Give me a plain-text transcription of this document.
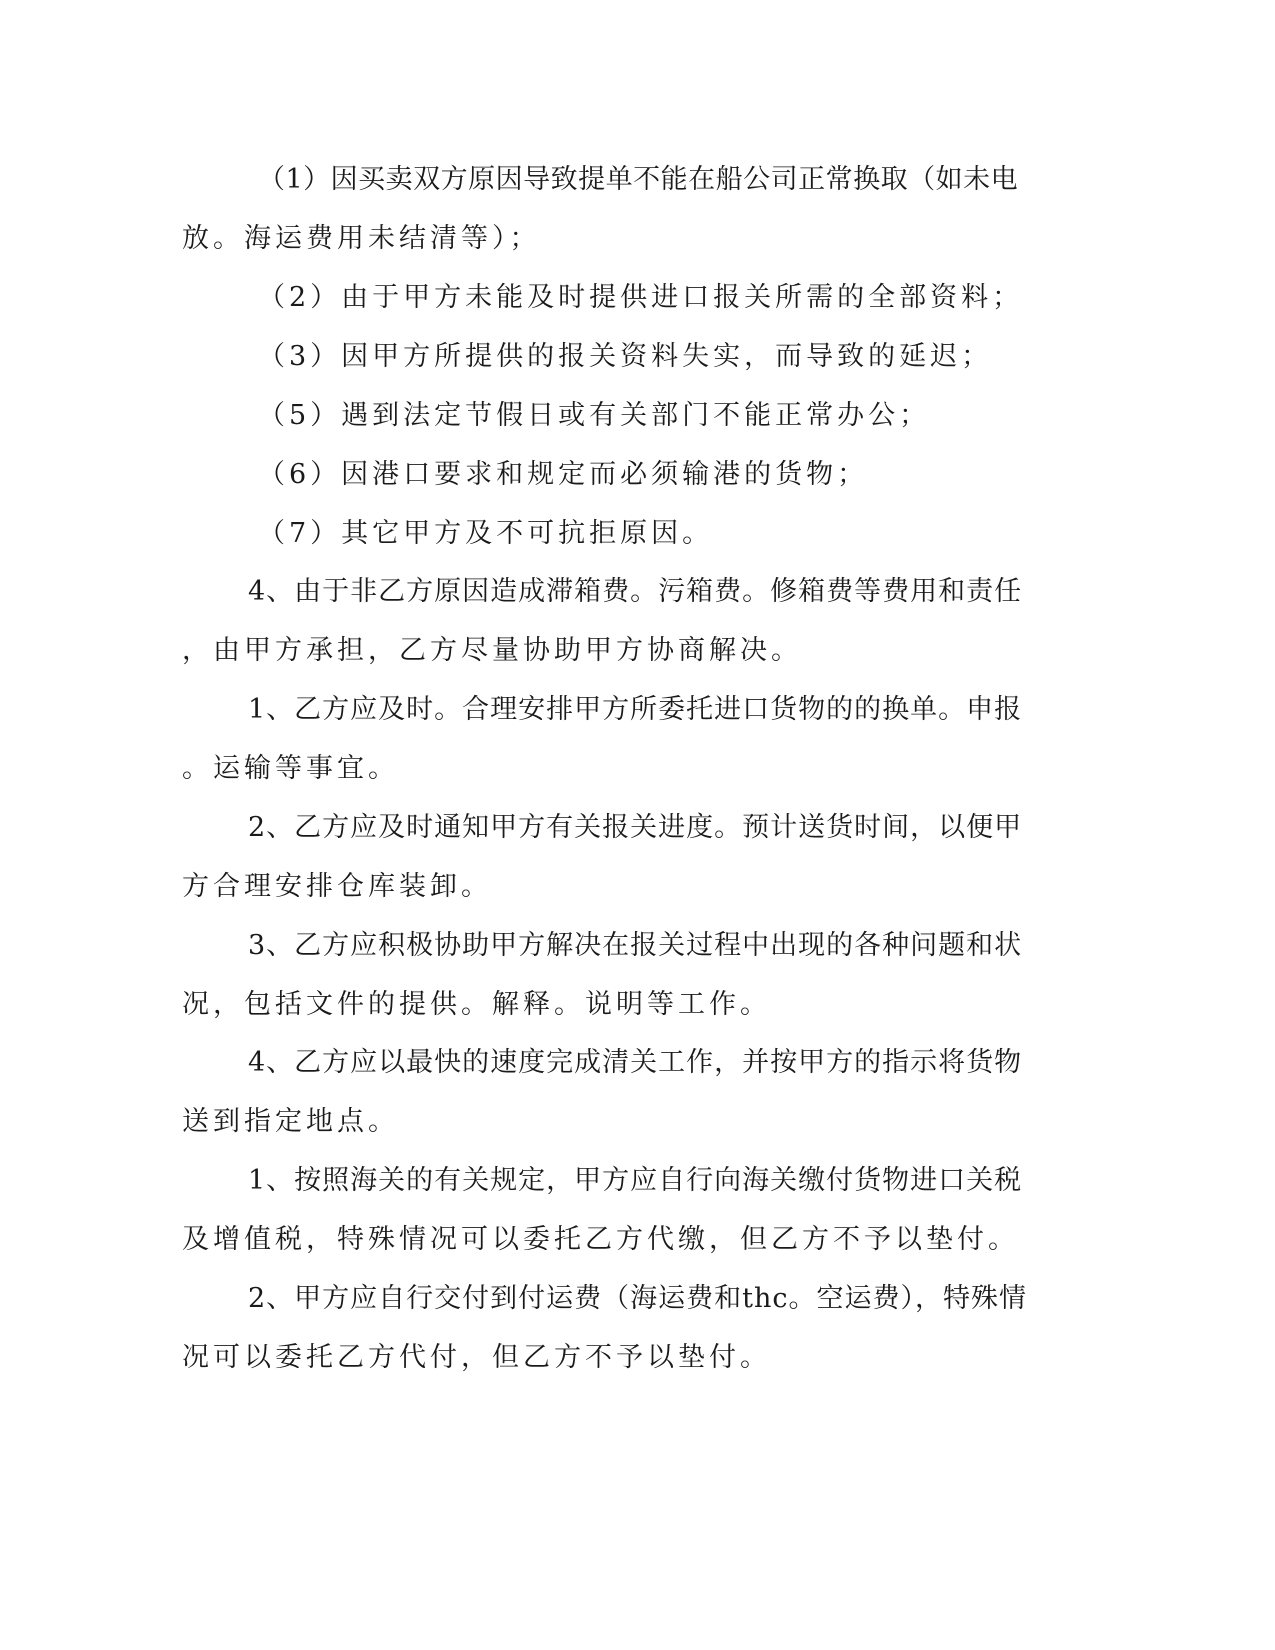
（1）因买卖双方原因导致提单不能在船公司正常换取（如未电
放。海运费用未结清等）；
（2）由于甲方未能及时提供进口报关所需的全部资料；
（3）因甲方所提供的报关资料失实，而导致的延迟；
（5）遇到法定节假日或有关部门不能正常办公；
（6）因港口要求和规定而必须输港的货物；
（7）其它甲方及不可抗拒原因。
4、由于非乙方原因造成滞箱费。污箱费。修箱费等费用和责任
，由甲方承担，乙方尽量协助甲方协商解决。
1、乙方应及时。合理安排甲方所委托进口货物的的换单。申报
。运输等事宜。
2、乙方应及时通知甲方有关报关进度。预计送货时间，以便甲
方合理安排仓库装卸。
3、乙方应积极协助甲方解决在报关过程中出现的各种问题和状
况，包括文件的提供。解释。说明等工作。
4、乙方应以最快的速度完成清关工作，并按甲方的指示将货物
送到指定地点。
1、按照海关的有关规定，甲方应自行向海关缴付货物进口关税
及增值税，特殊情况可以委托乙方代缴，但乙方不予以垫付。
2、甲方应自行交付到付运费（海运费和thc。空运费），特殊情
况可以委托乙方代付，但乙方不予以垫付。
